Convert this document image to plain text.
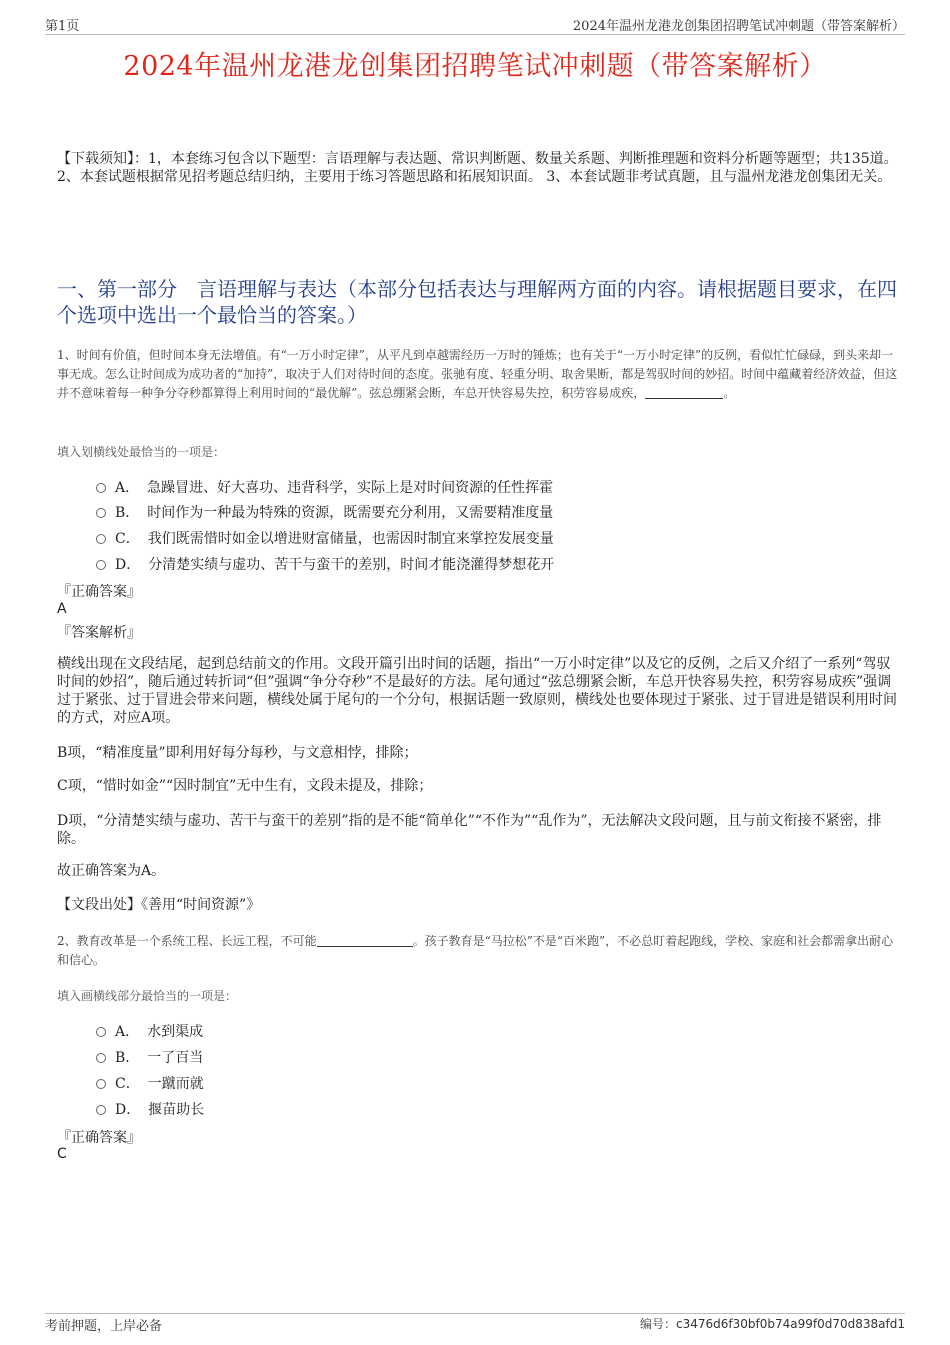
第1页	2024年温州龙港龙创集团招聘笔试冲刺题（带答案解析）
2024年温州龙港龙创集团招聘笔试冲刺题（带答案解析）
【下载须知】：1，本套练习包含以下题型：言语理解与表达题、常识判断题、数量关系题、判断推理题和资料分析题等题型；共135道。 2、本套试题根据常见招考题总结归纳，主要用于练习答题思路和拓展知识面。 3、本套试题非考试真题，且与温州龙港龙创集团无关。
一、第一部分　言语理解与表达（本部分包括表达与理解两方面的内容。请根据题目要求，在四个选项中选出一个最恰当的答案。）
1、时间有价值，但时间本身无法增值。有“一万小时定律”，从平凡到卓越需经历一万时的锤炼；也有关于“一万小时定律”的反例，看似忙忙碌碌，到头来却一事无成。怎么让时间成为成功者的“加持”，取决于人们对待时间的态度。张驰有度、轻重分明、取舍果断，都是驾驭时间的妙招。时间中蕴藏着经济效益，但这并不意味着每一种争分夺秒都算得上利用时间的“最优解”。弦总绷紧会断，车总开快容易失控，积劳容易成疾，	。
填入划横线处最恰当的一项是：
A． 急躁冒进、好大喜功、违背科学，实际上是对时间资源的任性挥霍
B． 时间作为一种最为特殊的资源，既需要充分利用，又需要精准度量
C． 我们既需惜时如金以增进财富储量，也需因时制宜来掌控发展变量
D． 分清楚实绩与虚功、苦干与蛮干的差别，时间才能浇灌得梦想花开
『正确答案』
A
『答案解析』
横线出现在文段结尾，起到总结前文的作用。文段开篇引出时间的话题，指出“一万小时定律”以及它的反例，之后又介绍了一系列“驾驭时间的妙招”，随后通过转折词“但”强调“争分夺秒”不是最好的方法。尾句通过“弦总绷紧会断，车总开快容易失控，积劳容易成疾”强调过于紧张、过于冒进会带来问题，横线处属于尾句的一个分句，根据话题一致原则，横线处也要体现过于紧张、过于冒进是错误利用时间的方式，对应A项。
B项，“精准度量”即利用好每分每秒，与文意相悖，排除；
C项，“惜时如金”“因时制宜”无中生有，文段未提及，排除；
D项，“分清楚实绩与虚功、苦干与蛮干的差别”指的是不能“简单化”“不作为”“乱作为”，无法解决文段问题，且与前文衔接不紧密，排除。
故正确答案为A。
【文段出处】《善用“时间资源”》
2、教育改革是一个系统工程、长远工程，不可能	。孩子教育是“马拉松”不是“百米跑”，不必总盯着起跑线，学校、家庭和社会都需拿出耐心和信心。
填入画横线部分最恰当的一项是：
A． 水到渠成
B． 一了百当
C． 一蹴而就
D． 揠苗助长
『正确答案』
C
考前押题，上岸必备	编号：c3476d6f30bf0b74a99f0d70d838afd1
